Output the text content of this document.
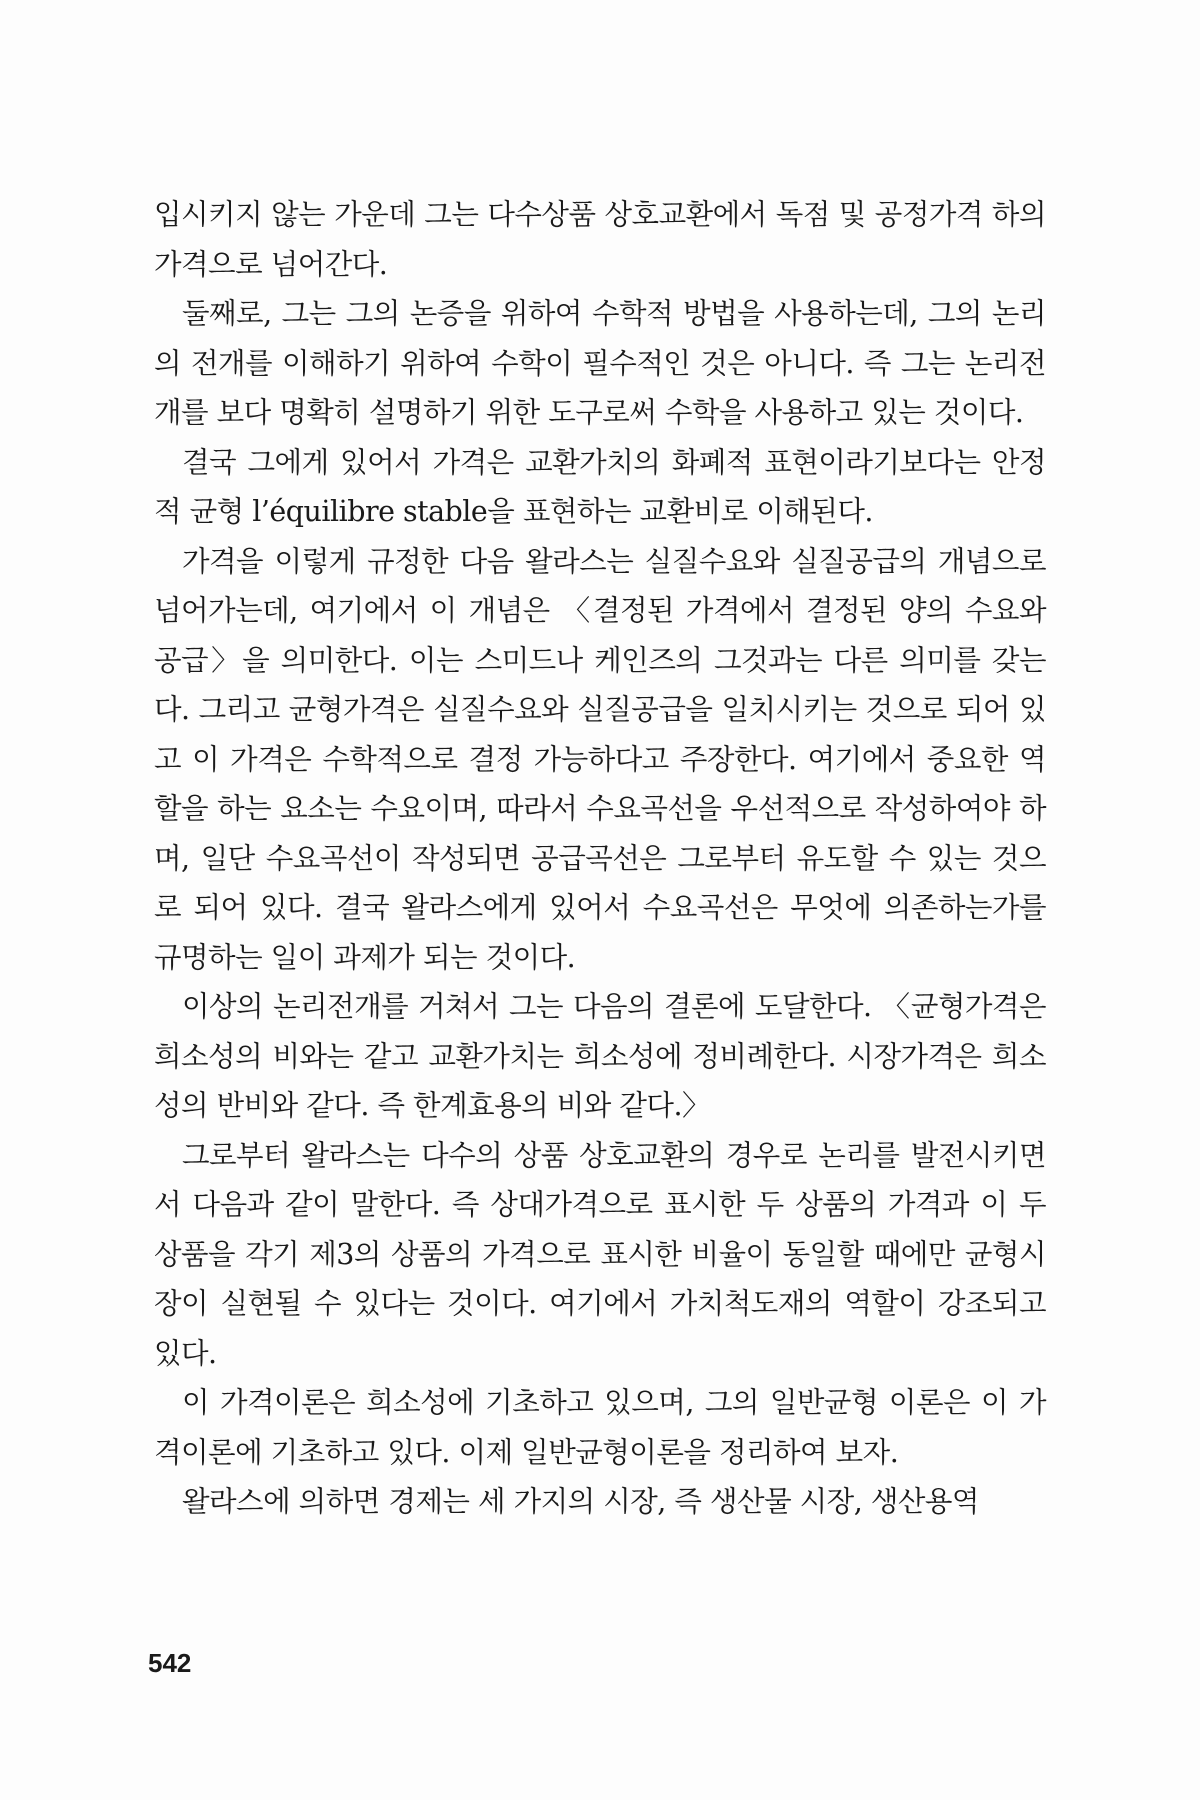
입시키지 않는 가운데 그는 다수상품 상호교환에서 독점 및 공정가격 하의 가격으로 넘어간다.

둘째로, 그는 그의 논증을 위하여 수학적 방법을 사용하는데, 그의 논리의 전개를 이해하기 위하여 수학이 필수적인 것은 아니다. 즉 그는 논리전개를 보다 명확히 설명하기 위한 도구로써 수학을 사용하고 있는 것이다.

결국 그에게 있어서 가격은 교환가치의 화폐적 표현이라기보다는 안정적 균형 l’équilibre stable을 표현하는 교환비로 이해된다.

가격을 이렇게 규정한 다음 왈라스는 실질수요와 실질공급의 개념으로 넘어가는데, 여기에서 이 개념은 〈결정된 가격에서 결정된 양의 수요와 공급〉을 의미한다. 이는 스미드나 케인즈의 그것과는 다른 의미를 갖는다. 그리고 균형가격은 실질수요와 실질공급을 일치시키는 것으로 되어 있고 이 가격은 수학적으로 결정 가능하다고 주장한다. 여기에서 중요한 역할을 하는 요소는 수요이며, 따라서 수요곡선을 우선적으로 작성하여야 하며, 일단 수요곡선이 작성되면 공급곡선은 그로부터 유도할 수 있는 것으로 되어 있다. 결국 왈라스에게 있어서 수요곡선은 무엇에 의존하는가를 규명하는 일이 과제가 되는 것이다.

이상의 논리전개를 거쳐서 그는 다음의 결론에 도달한다. 〈균형가격은 희소성의 비와는 같고 교환가치는 희소성에 정비례한다. 시장가격은 희소성의 반비와 같다. 즉 한계효용의 비와 같다.〉

그로부터 왈라스는 다수의 상품 상호교환의 경우로 논리를 발전시키면서 다음과 같이 말한다. 즉 상대가격으로 표시한 두 상품의 가격과 이 두 상품을 각기 제3의 상품의 가격으로 표시한 비율이 동일할 때에만 균형시장이 실현될 수 있다는 것이다. 여기에서 가치척도재의 역할이 강조되고 있다.

이 가격이론은 희소성에 기초하고 있으며, 그의 일반균형 이론은 이 가격이론에 기초하고 있다. 이제 일반균형이론을 정리하여 보자.

왈라스에 의하면 경제는 세 가지의 시장, 즉 생산물 시장, 생산용역

542
